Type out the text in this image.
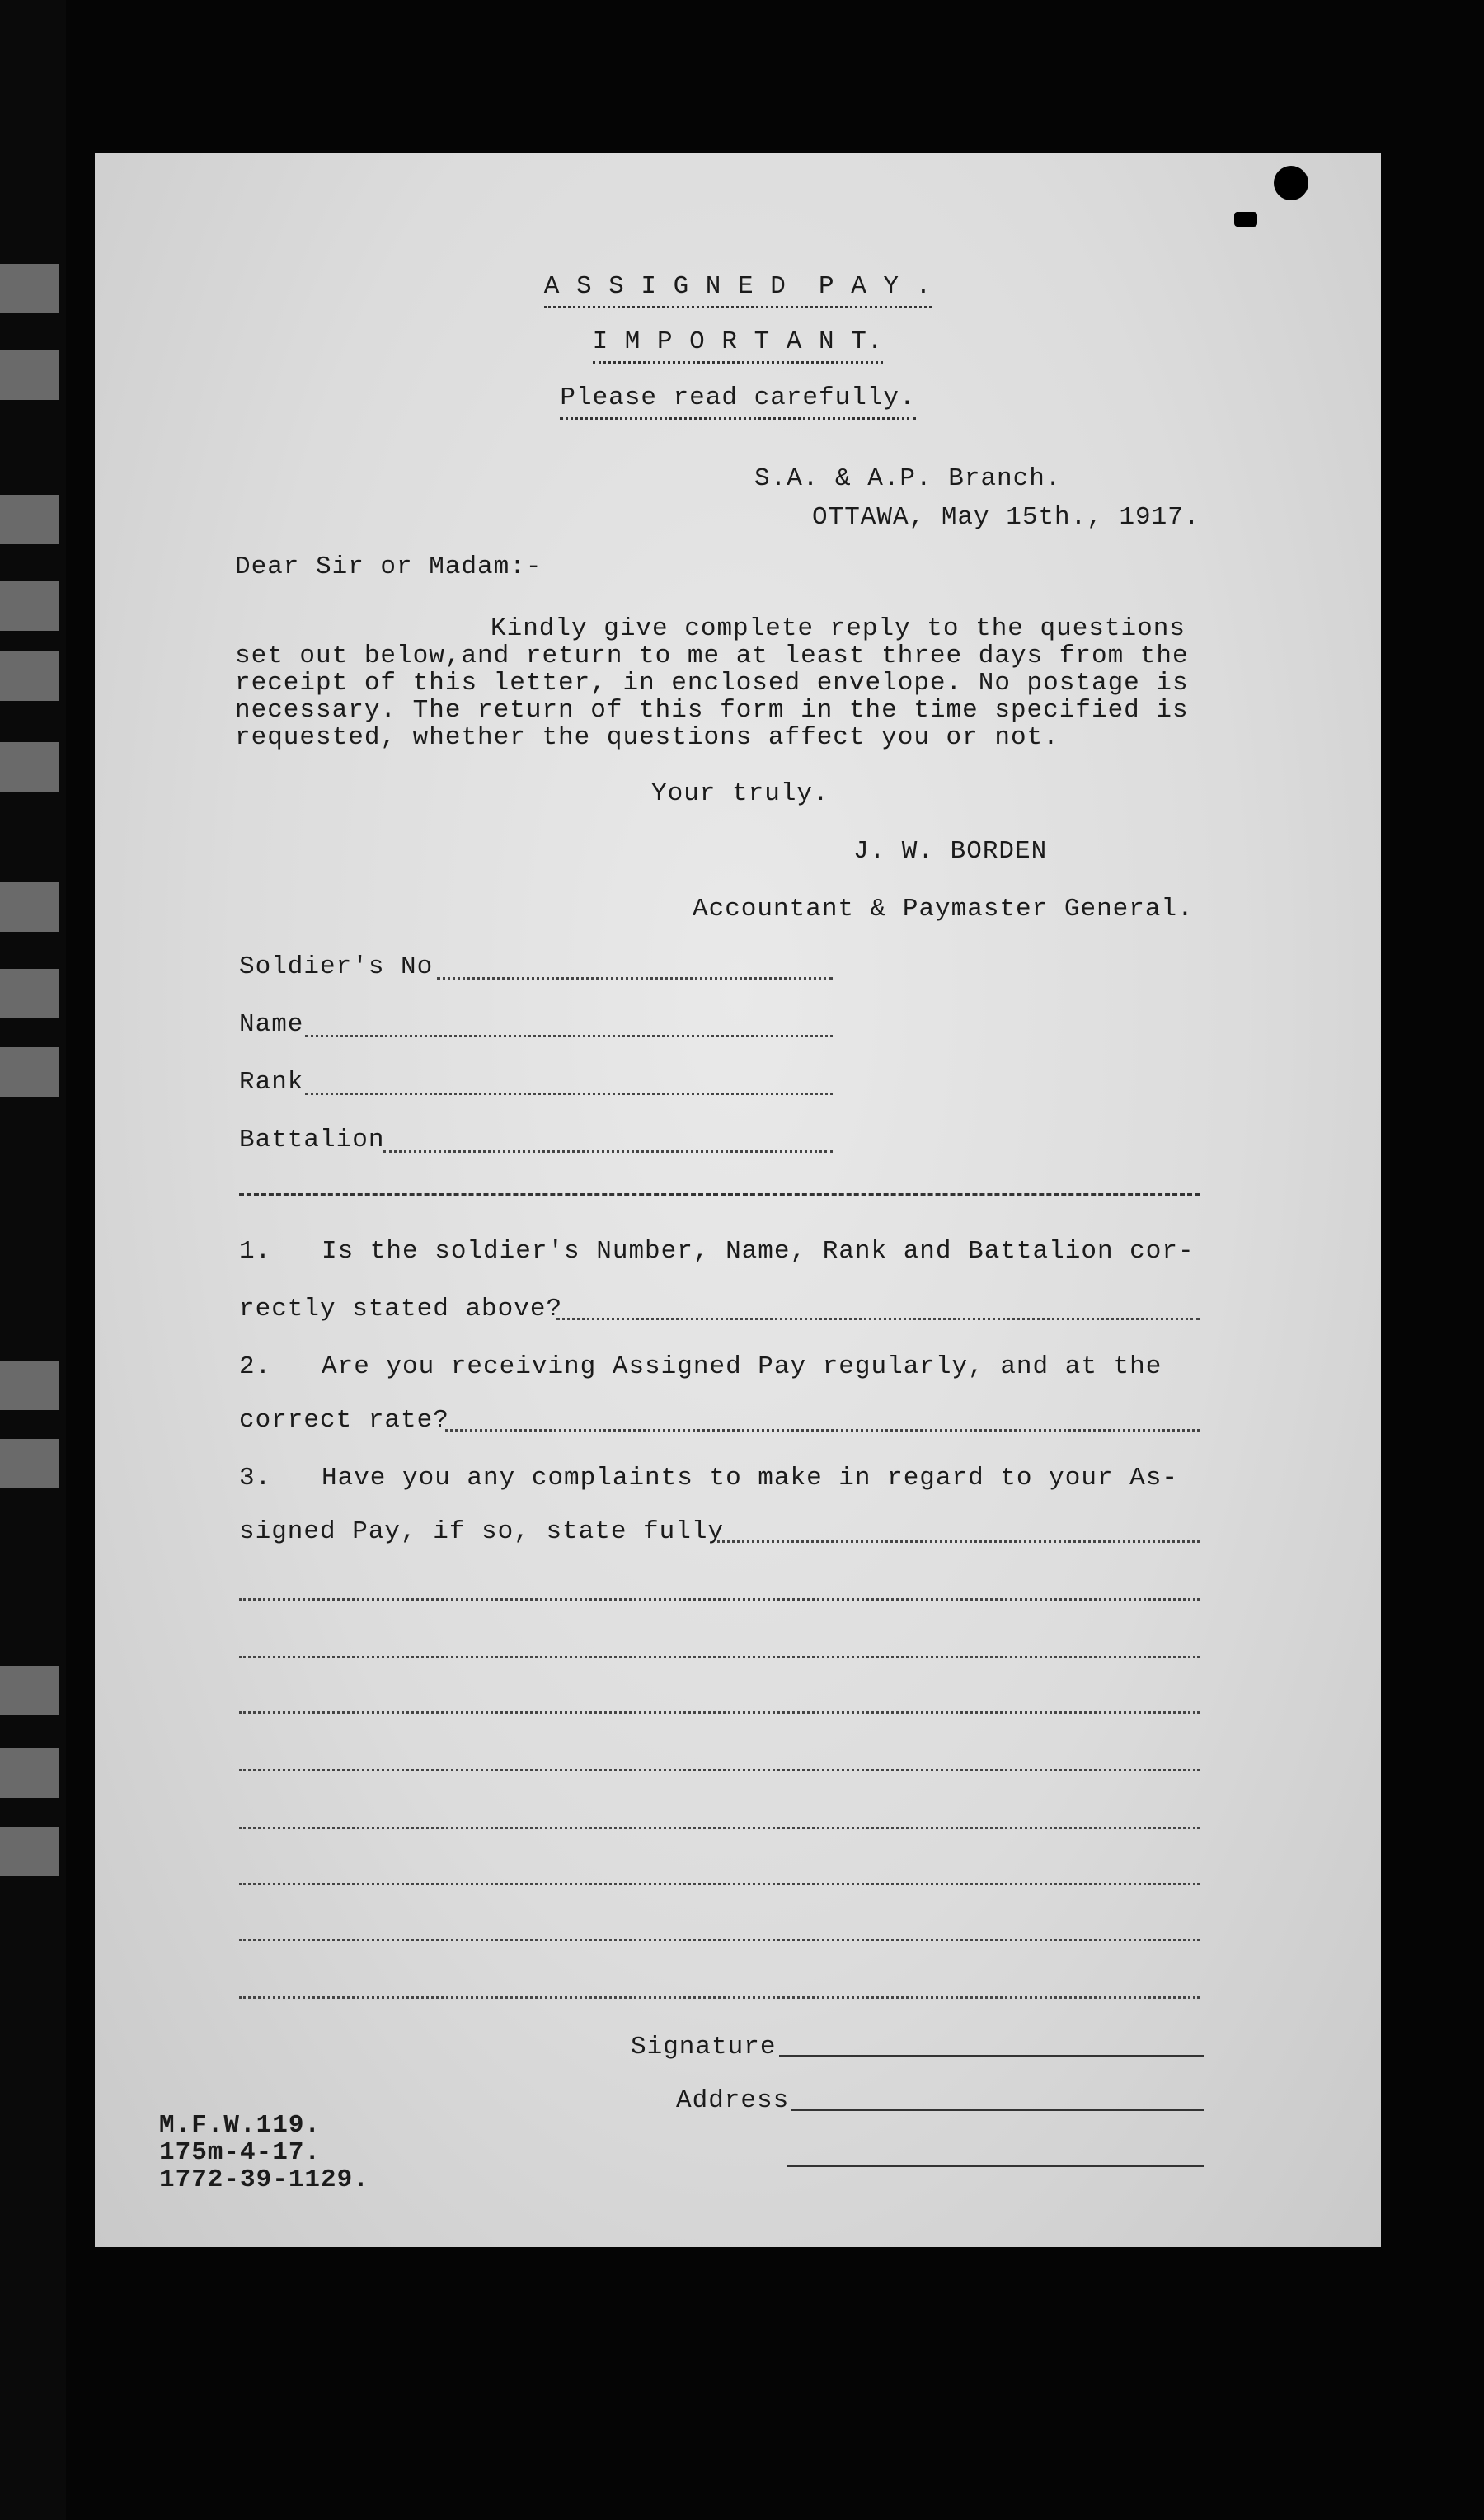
A S S I G N E D  P A Y .
I M P O R T A N T.
Please read carefully.
S.A. & A.P. Branch.
OTTAWA, May 15th., 1917.
Dear Sir or Madam:-
Kindly give complete reply to the questions
set out below,and return to me at least three days from the
receipt of this letter, in enclosed envelope. No postage is
necessary. The return of this form in the time specified is
requested, whether the questions affect you or not.
Your truly.
J. W. BORDEN
Accountant & Paymaster General.
Soldier's No
Name
Rank
Battalion
1. Is the soldier's Number, Name, Rank and Battalion cor-
rectly stated above?
2. Are you receiving Assigned Pay regularly, and at the
correct rate?
3. Have you any complaints to make in regard to your As-
signed Pay, if so, state fully
Signature
Address
M.F.W.119.
175m-4-17.
1772-39-1129.
